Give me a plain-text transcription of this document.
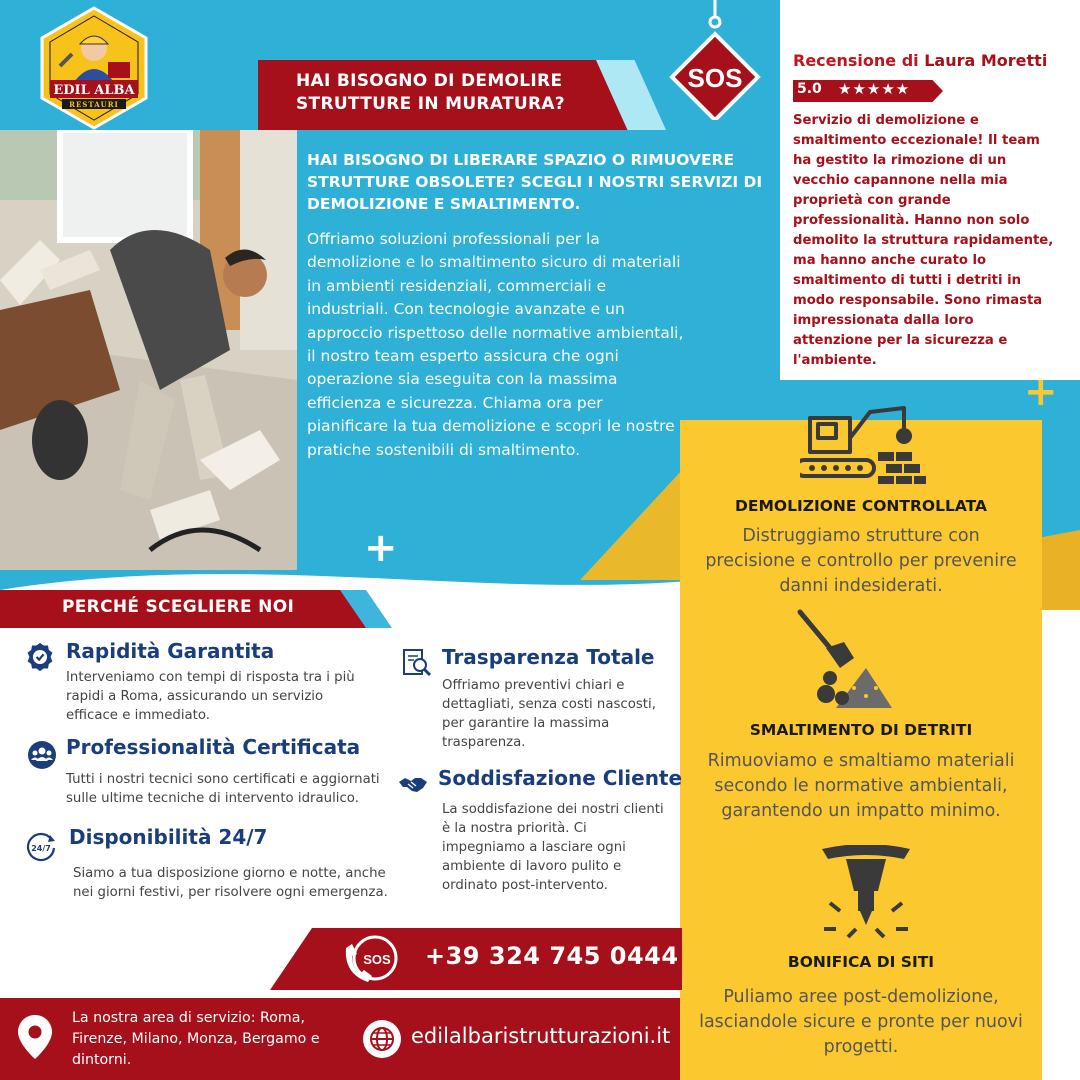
Recensione di Laura Moretti
5.0 ★★★★★
Servizio di demolizione e smaltimento eccezionale! Il team ha gestito la rimozione di un vecchio capannone nella mia proprietà con grande professionalità. Hanno non solo demolito la struttura rapidamente, ma hanno anche curato lo smaltimento di tutti i detriti in modo responsabile. Sono rimasta impressionata dalla loro attenzione per la sicurezza e l'ambiente.
HAI BISOGNO DI DEMOLIRE STRUTTURE IN MURATURA?
SOS
EDIL ALBA
RESTAURI
HAI BISOGNO DI LIBERARE SPAZIO O RIMUOVERE STRUTTURE OBSOLETE? SCEGLI I NOSTRI SERVIZI DI DEMOLIZIONE E SMALTIMENTO.
Offriamo soluzioni professionali per la demolizione e lo smaltimento sicuro di materiali in ambienti residenziali, commerciali e industriali. Con tecnologie avanzate e un approccio rispettoso delle normative ambientali, il nostro team esperto assicura che ogni operazione sia eseguita con la massima efficienza e sicurezza. Chiama ora per pianificare la tua demolizione e scopri le nostre pratiche sostenibili di smaltimento.
+
+
DEMOLIZIONE CONTROLLATA
Distruggiamo strutture con precisione e controllo per prevenire danni indesiderati.
SMALTIMENTO DI DETRITI
Rimuoviamo e smaltiamo materiali secondo le normative ambientali, garantendo un impatto minimo.
BONIFICA DI SITI
Puliamo aree post-demolizione, lasciandole sicure e pronte per nuovi progetti.
PERCHÉ SCEGLIERE NOI
Rapidità Garantita
Interveniamo con tempi di risposta tra i più rapidi a Roma, assicurando un servizio efficace e immediato.
Professionalità Certificata
Tutti i nostri tecnici sono certificati e aggiornati sulle ultime tecniche di intervento idraulico.
24/7 Disponibilità 24/7
Siamo a tua disposizione giorno e notte, anche nei giorni festivi, per risolvere ogni emergenza.
Trasparenza Totale
Offriamo preventivi chiari e dettagliati, senza costi nascosti, per garantire la massima trasparenza.
Soddisfazione Cliente
La soddisfazione dei nostri clienti è la nostra priorità. Ci impegniamo a lasciare ogni ambiente di lavoro pulito e ordinato post-intervento.
SOS +39 324 745 0444
La nostra area di servizio: Roma, Firenze, Milano, Monza, Bergamo e dintorni.
edilalbaristrutturazioni.it
